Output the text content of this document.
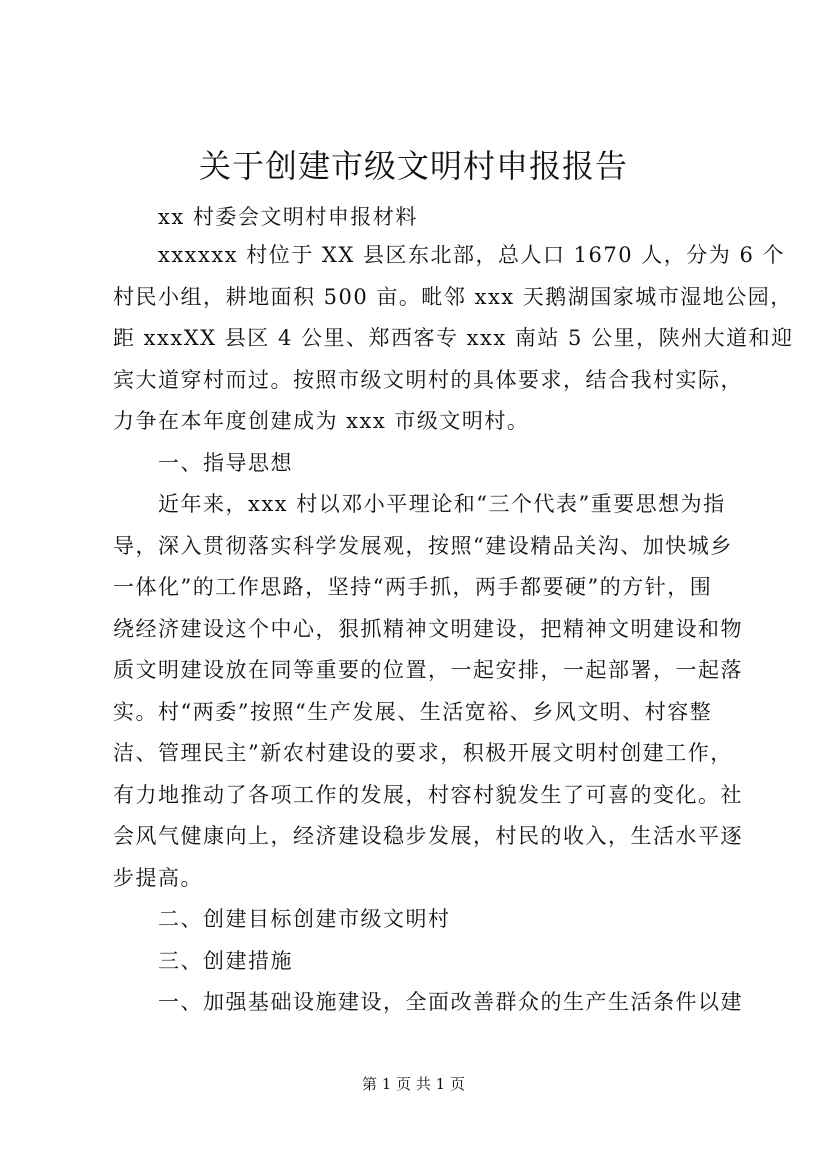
关于创建市级文明村申报报告

　　xx 村委会文明村申报材料

　　xxxxxx 村位于 XX 县区东北部，总人口 1670 人，分为 6 个

村民小组，耕地面积 500 亩。毗邻 xxx 天鹅湖国家城市湿地公园，

距 xxxXX 县区 4 公里、郑西客专 xxx 南站 5 公里，陕州大道和迎

宾大道穿村而过。按照市级文明村的具体要求，结合我村实际，

力争在本年度创建成为 xxx 市级文明村。

　　一、指导思想

　　近年来，xxx 村以邓小平理论和“三个代表”重要思想为指

导，深入贯彻落实科学发展观，按照“建设精品关沟、加快城乡

一体化”的工作思路，坚持“两手抓，两手都要硬”的方针，围

绕经济建设这个中心，狠抓精神文明建设，把精神文明建设和物

质文明建设放在同等重要的位置，一起安排，一起部署，一起落

实。村“两委”按照“生产发展、生活宽裕、乡风文明、村容整

洁、管理民主”新农村建设的要求，积极开展文明村创建工作，

有力地推动了各项工作的发展，村容村貌发生了可喜的变化。社

会风气健康向上，经济建设稳步发展，村民的收入，生活水平逐

步提高。

　　二、创建目标创建市级文明村

　　三、创建措施

　　一、加强基础设施建设，全面改善群众的生产生活条件以建

第 1 页 共 1 页
